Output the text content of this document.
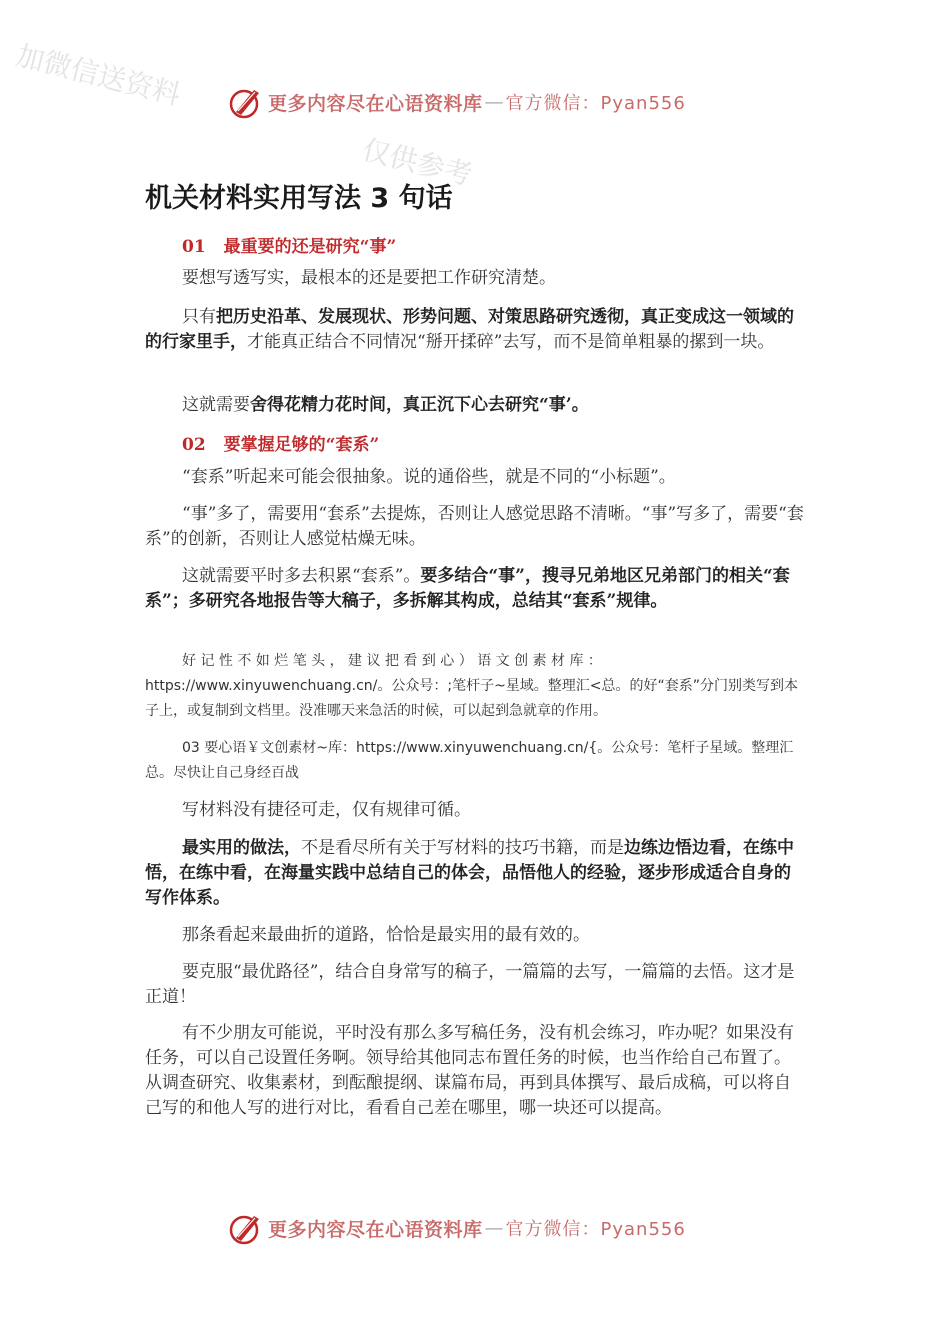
加微信送资料
仅供参考
更多内容尽在心语资料库 — 官方微信：Pyan556
机关材料实用写法 3 句话
01 最重要的还是研究“事”

要想写透写实，最根本的还是要把工作研究清楚。

只有把历史沿革、发展现状、形势问题、对策思路研究透彻，真正变成这一领域的的行家里手，才能真正结合不同情况“掰开揉碎”去写，而不是简单粗暴的摞到一块。

这就需要舍得花精力花时间，真正沉下心去研究“事’。

02 要掌握足够的“套系”

“套系”听起来可能会很抽象。说的通俗些，就是不同的“小标题”。

“事”多了，需要用“套系”去提炼，否则让人感觉思路不清晰。“事”写多了，需要“套系”的创新，否则让人感觉枯燥无味。

这就需要平时多去积累“套系”。要多结合“事”，搜寻兄弟地区兄弟部门的相关“套系”；多研究各地报告等大稿子，多拆解其构成，总结其“套系”规律。

好 记 性 不 如 烂 笔 头 ， 建 议 把 看 到 心 ） 语 文 创 素 材 库 ： https://www.xinyuwenchuang.cn/。公众号：;笔杆子~星域。整理汇<总。的好“套系”分门别类写到本子上，或复制到文档里。没准哪天来急活的时候，可以起到急就章的作用。

03 要心语￥文创素材~库：https://www.xinyuwenchuang.cn/{。公众号：笔杆子星域。整理汇总。尽快让自己身经百战

写材料没有捷径可走，仅有规律可循。

最实用的做法，不是看尽所有关于写材料的技巧书籍，而是边练边悟边看，在练中悟，在练中看，在海量实践中总结自己的体会，品悟他人的经验，逐步形成适合自身的写作体系。

那条看起来最曲折的道路，恰恰是最实用的最有效的。

要克服“最优路径”，结合自身常写的稿子，一篇篇的去写，一篇篇的去悟。这才是正道！

有不少朋友可能说，平时没有那么多写稿任务，没有机会练习，咋办呢？如果没有任务，可以自己设置任务啊。领导给其他同志布置任务的时候，也当作给自己布置了。从调查研究、收集素材，到酝酿提纲、谋篇布局，再到具体撰写、最后成稿，可以将自己写的和他人写的进行对比，看看自己差在哪里，哪一块还可以提高。

更多内容尽在心语资料库 — 官方微信：Pyan556
